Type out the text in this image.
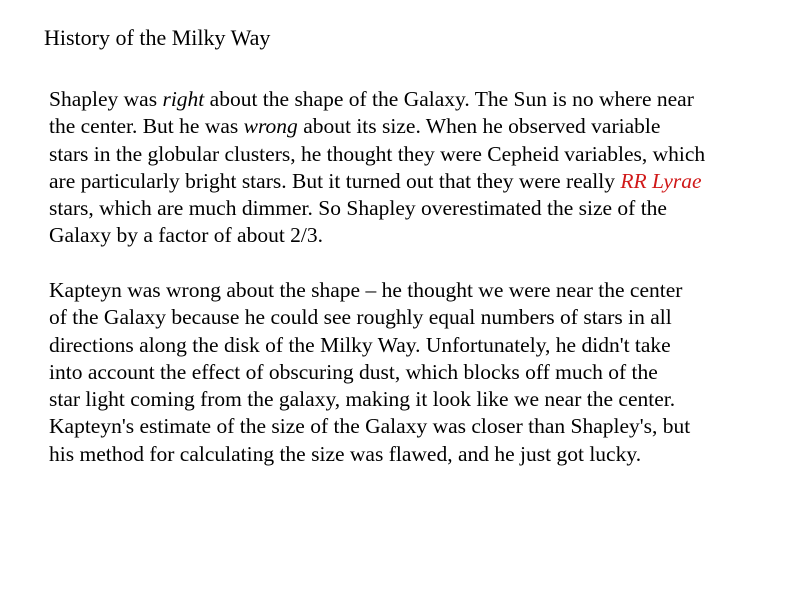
History of the Milky Way

Shapley was right about the shape of the Galaxy. The Sun is no where near
the center. But he was wrong about its size. When he observed variable
stars in the globular clusters, he thought they were Cepheid variables, which
are particularly bright stars. But it turned out that they were really RR Lyrae
stars, which are much dimmer. So Shapley overestimated the size of the
Galaxy by a factor of about 2/3.

Kapteyn was wrong about the shape – he thought we were near the center
of the Galaxy because he could see roughly equal numbers of stars in all
directions along the disk of the Milky Way. Unfortunately, he didn't take
into account the effect of obscuring dust, which blocks off much of the
star light coming from the galaxy, making it look like we near the center.
Kapteyn's estimate of the size of the Galaxy was closer than Shapley's, but
his method for calculating the size was flawed, and he just got lucky.
